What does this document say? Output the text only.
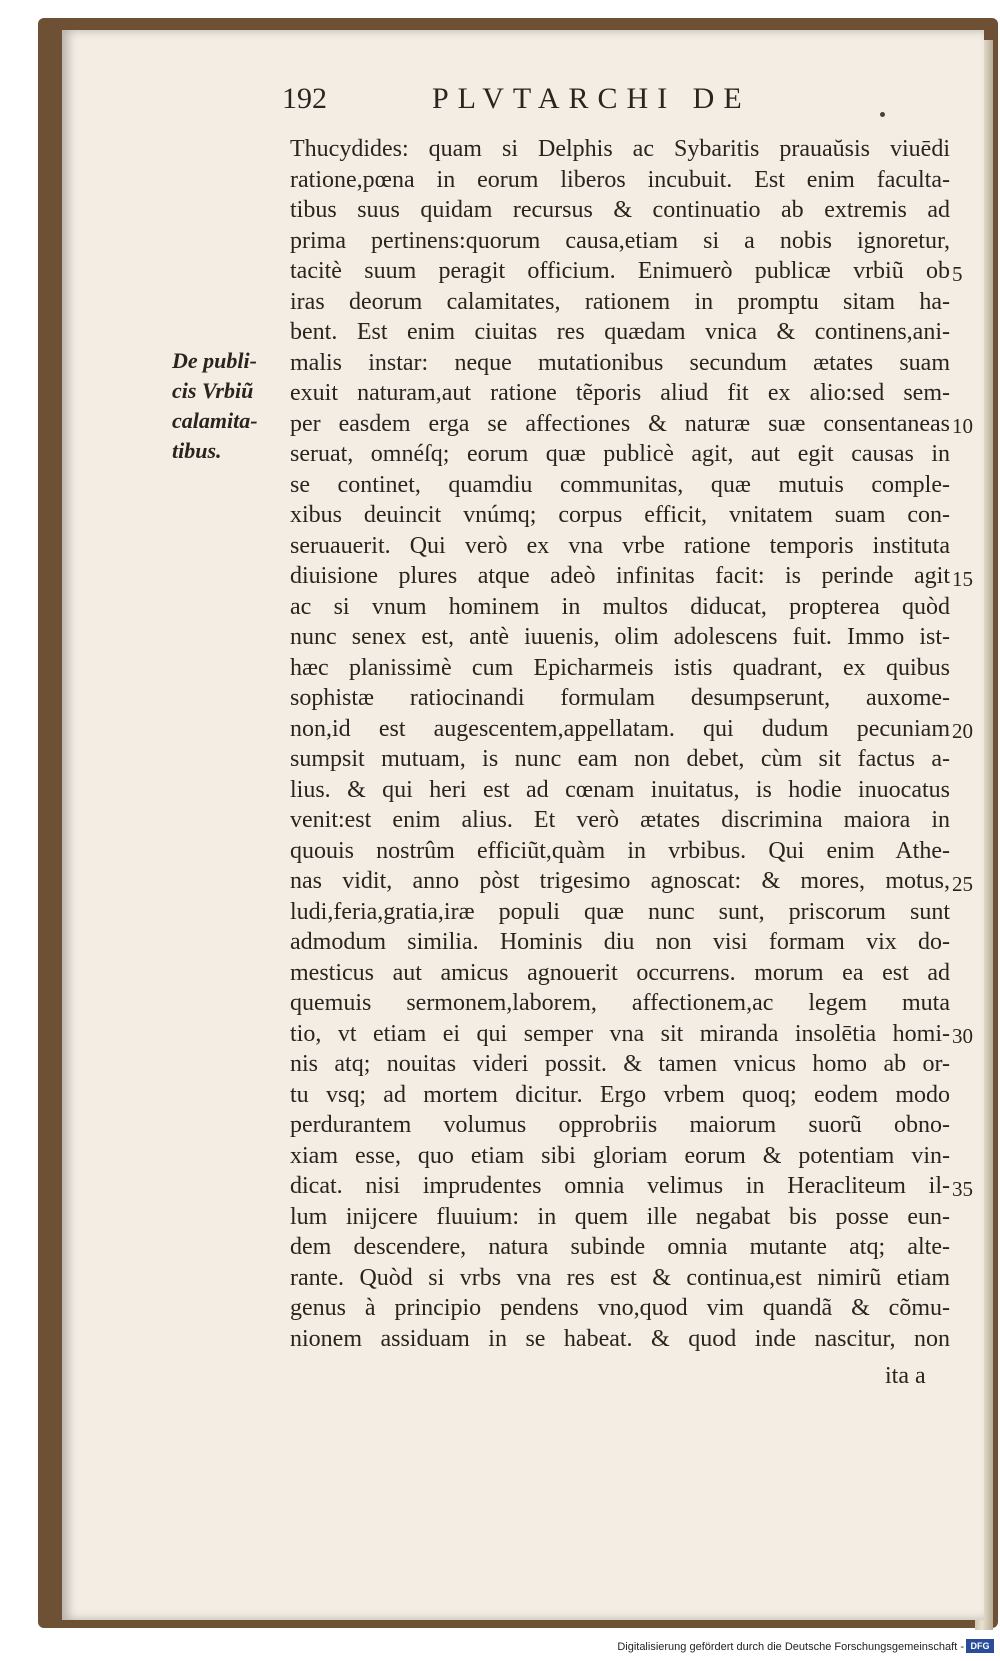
192	PLVTARCHI DE
De publi-
cis Vrbiũ
calamita-
tibus.
Thucydides: quam si Delphis ac Sybaritis prauaŭsis viuēdi
ratione,pœna in eorum liberos incubuit. Est enim facultа-
tibus suus quidam recursus & continuatio ab extremis ad
prima pertinens:quorum causa,etiam si a nobis ignoretur,
tacitè suum peragit officium. Enimuerò publicæ vrbiũ ob
iras deorum calamitates, rationem in promptu sitam ha-
bent. Est enim ciuitas res quædam vnica & continens,ani-
malis instar: neque mutationibus secundum ætates suam
exuit naturam,aut ratione tẽporis aliud fit ex alio:sed sem-
per easdem erga se affectiones & naturæ suæ consentaneas
seruat, omnéſq; eorum quæ publicè agit, aut egit causas in
se continet, quamdiu communitas, quæ mutuis comple-
xibus deuincit vnúmq; corpus efficit, vnitatem suam con-
seruauerit. Qui verò ex vna vrbe ratione temporis instituta
diuisione plures atque adeò infinitas facit: is perinde agit
ac si vnum hominem in multos diducat, propterea quòd
nunc senex est, antè iuuenis, olim adolescens fuit. Immo ist-
hæc planissimè cum Epicharmeis istis quadrant, ex quibus
sophistæ ratiocinandi formulam desumpserunt, auxome-
non,id est augescentem,appellatam. qui dudum pecuniam
sumpsit mutuam, is nunc eam non debet, cùm sit factus a-
lius. & qui heri est ad cœnam inuitatus, is hodie inuocatus
venit:est enim alius. Et verò ætates discrimina maiora in
quouis nostrûm efficiũt,quàm in vrbibus. Qui enim Athe-
nas vidit, anno pòst trigesimo agnoscat: & mores, motus,
ludi,feria,gratia,iræ populi quæ nunc sunt, priscorum sunt
admodum similia. Hominis diu non visi formam vix do-
mesticus aut amicus agnouerit occurrens. morum ea est ad
quemuis sermonem,laborem, affectionem,ac legem muta
tio, vt etiam ei qui semper vna sit miranda insolētia homi-
nis atq; nouitas videri possit. & tamen vnicus homo ab or-
tu vsq; ad mortem dicitur. Ergo vrbem quoq; eodem modo
perdurantem volumus opprobriis maiorum suorũ obno-
xiam esse, quo etiam sibi gloriam eorum & potentiam vin-
dicat. nisi imprudentes omnia velimus in Heracliteum il-
lum inijcere fluuium: in quem ille negabat bis posse eun-
dem descendere, natura subinde omnia mutante atq; alte-
rante. Quòd si vrbs vna res est & continua,est nimirũ etiam
genus à principio pendens vno,quod vim quandã & cõmu-
nionem assiduam in se habeat. & quod inde nascitur, non
ita a
5
10
15
20
25
30
35
Digitalisierung gefördert durch die Deutsche Forschungsgemeinschaft - DFG
